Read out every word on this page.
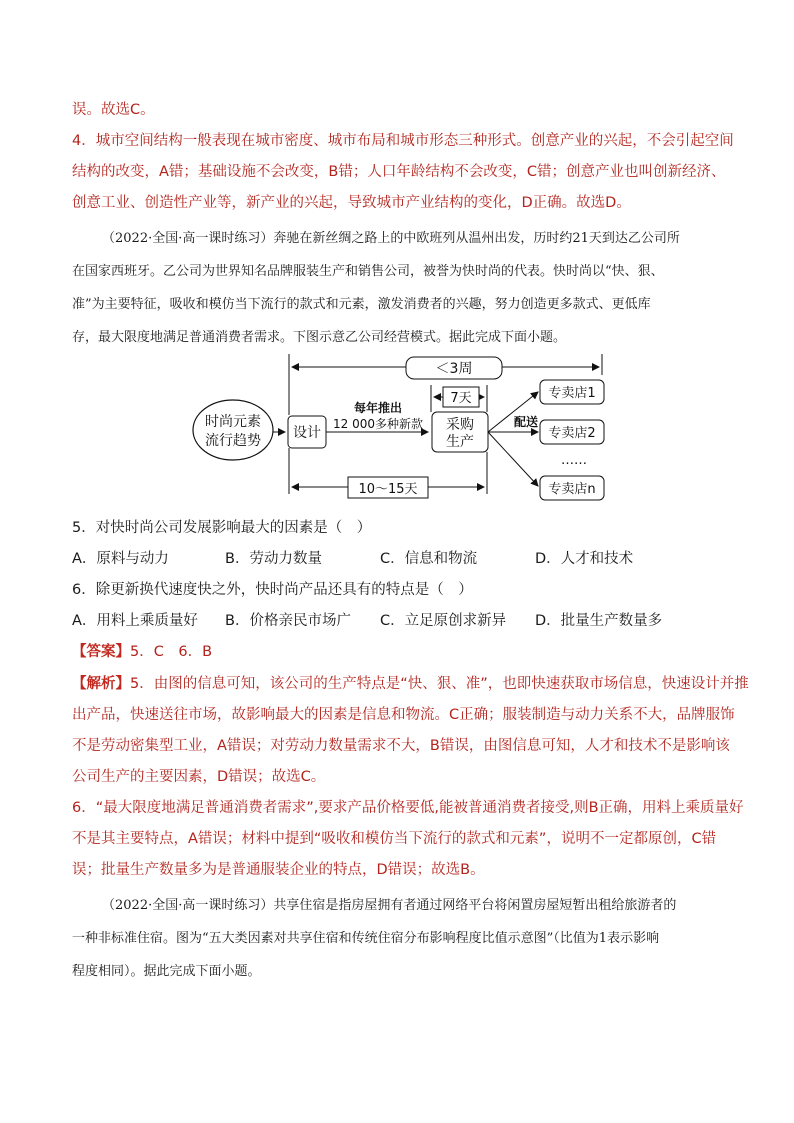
误。故选C。
4．城市空间结构一般表现在城市密度、城市布局和城市形态三种形式。创意产业的兴起，不会引起空间
结构的改变，A错；基础设施不会改变，B错；人口年龄结构不会改变，C错；创意产业也叫创新经济、
创意工业、创造性产业等，新产业的兴起，导致城市产业结构的变化，D正确。故选D。
（2022·全国·高一课时练习）奔驰在新丝绸之路上的中欧班列从温州出发，历时约21天到达乙公司所
在国家西班牙。乙公司为世界知名品牌服装生产和销售公司，被誉为快时尚的代表。快时尚以“快、狠、
准”为主要特征，吸收和模仿当下流行的款式和元素，激发消费者的兴趣，努力创造更多款式、更低库
存，最大限度地满足普通消费者需求。下图示意乙公司经营模式。据此完成下面小题。
＜3周
7天
时尚元素
流行趋势 设计
每年推出
12 000多种新款 采购
生产
配送
专卖店1
专卖店2
……
专卖店n
10～15天
5．对快时尚公司发展影响最大的因素是（　）
A．原料与动力	B．劳动力数量	C．信息和物流	D．人才和技术
6．除更新换代速度快之外，快时尚产品还具有的特点是（　）
A．用料上乘质量好 B．价格亲民市场广 C．立足原创求新异 D．批量生产数量多
【答案】5．C　6．B
【解析】5．由图的信息可知，该公司的生产特点是“快、狠、准”，也即快速获取市场信息，快速设计并推
出产品，快速送往市场，故影响最大的因素是信息和物流。C正确；服装制造与动力关系不大，品牌服饰
不是劳动密集型工业，A错误；对劳动力数量需求不大，B错误，由图信息可知，人才和技术不是影响该
公司生产的主要因素，D错误；故选C。
6．“最大限度地满足普通消费者需求”,要求产品价格要低,能被普通消费者接受,则B正确，用料上乘质量好
不是其主要特点，A错误；材料中提到“吸收和模仿当下流行的款式和元素”，说明不一定都原创，C错
误；批量生产数量多为是普通服装企业的特点，D错误；故选B。
（2022·全国·高一课时练习）共享住宿是指房屋拥有者通过网络平台将闲置房屋短暂出租给旅游者的
一种非标准住宿。图为“五大类因素对共享住宿和传统住宿分布影响程度比值示意图”（比值为1表示影响
程度相同）。据此完成下面小题。
